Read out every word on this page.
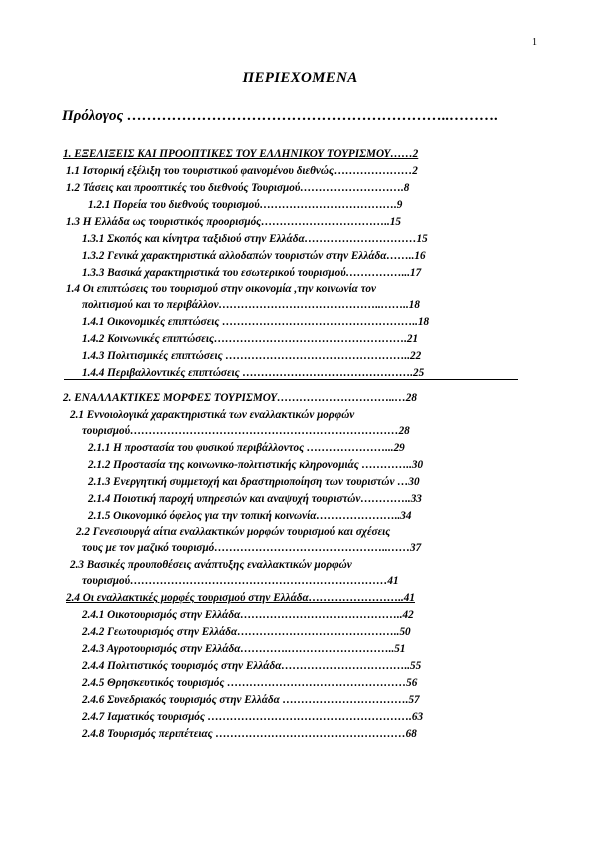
1
ΠΕΡΙΕΧΟΜΕΝΑ
Πρόλογος ………………………………………………………..……….
1. ΕΞΕΛΙΞΕΙΣ ΚΑΙ ΠΡΟΟΠΤΙΚΕΣ ΤΟΥ ΕΛΛΗΝΙΚΟΥ ΤΟΥΡΙΣΜΟΥ……2
1.1 Ιστορική εξέλιξη του τουριστικού φαινομένου διεθνώς…………………2
1.2 Τάσεις και προοπτικές του διεθνούς Τουρισμού……………………….8
1.2.1 Πορεία του διεθνούς τουρισμού……………………………….9
1.3 Η Ελλάδα ως τουριστικός προορισμός……………………………..15
1.3.1 Σκοπός και κίνητρα ταξιδιού στην Ελλάδα…………………………15
1.3.2 Γενικά χαρακτηριστικά αλλοδαπών τουριστών στην Ελλάδα……..16
1.3.3 Βασικά χαρακτηριστικά του εσωτερικού τουρισμού……………...17
1.4 Οι επιπτώσεις του τουρισμού στην οικονομία ,την κοινωνία τον
πολιτισμού και το περιβάλλον……………………………………..……..18
1.4.1 Οικονομικές επιπτώσεις ……………………………………………..18
1.4.2 Κοινωνικές επιπτώσεις…………………………………………….21
1.4.3 Πολιτισμικές επιπτώσεις …………………………………………..22
1.4.4 Περιβαλλοντικές επιπτώσεις ……………………………………….25
2. ΕΝΑΛΛΑΚΤΙΚΕΣ ΜΟΡΦΕΣ ΤΟΥΡΙΣΜΟΥ…………………………..…28
2.1 Εννοιολογικά χαρακτηριστικά των εναλλακτικών μορφών
τουρισμού………………………………………………………………28
2.1.1 Η προστασία του φυσικού περιβάλλοντος …………………...29
2.1.2 Προστασία της κοινωνικο-πολιτιστικής κληρονομιάς …………..30
2.1.3 Ενεργητική συμμετοχή και δραστηριοποίηση των τουριστών …30
2.1.4 Ποιοτική παροχή υπηρεσιών και αναψυχή τουριστών…………..33
2.1.5 Οικονομικό όφελος για την τοπική κοινωνία…………………..34
2.2 Γενεσιουργά αίτια εναλλακτικών μορφών τουρισμού και σχέσεις
τους με τον μαζικό τουρισμό………………………………………..……37
2.3 Βασικές προυποθέσεις ανάπτυξης εναλλακτικών μορφών
τουρισμού……………………………………………………………41
2.4 Οι εναλλακτικές μορφές τουρισμού στην Ελλάδα……………………..41
2.4.1 Οικοτουρισμός στην Ελλάδα……………………………………..42
2.4.2 Γεωτουρισμός στην Ελλάδα……………………………………..50
2.4.3 Αγροτουρισμός στην Ελλάδα………….………………………..51
2.4.4 Πολιτιστικός τουρισμός στην Ελλάδα……………………………..55
2.4.5 Θρησκευτικός τουρισμός …………………………………………56
2.4.6 Συνεδριακός τουρισμός στην Ελλάδα …………………………….57
2.4.7 Ιαματικός τουρισμός ……………………………………………….63
2.4.8 Τουρισμός περιπέτειας ……………………………………………68
